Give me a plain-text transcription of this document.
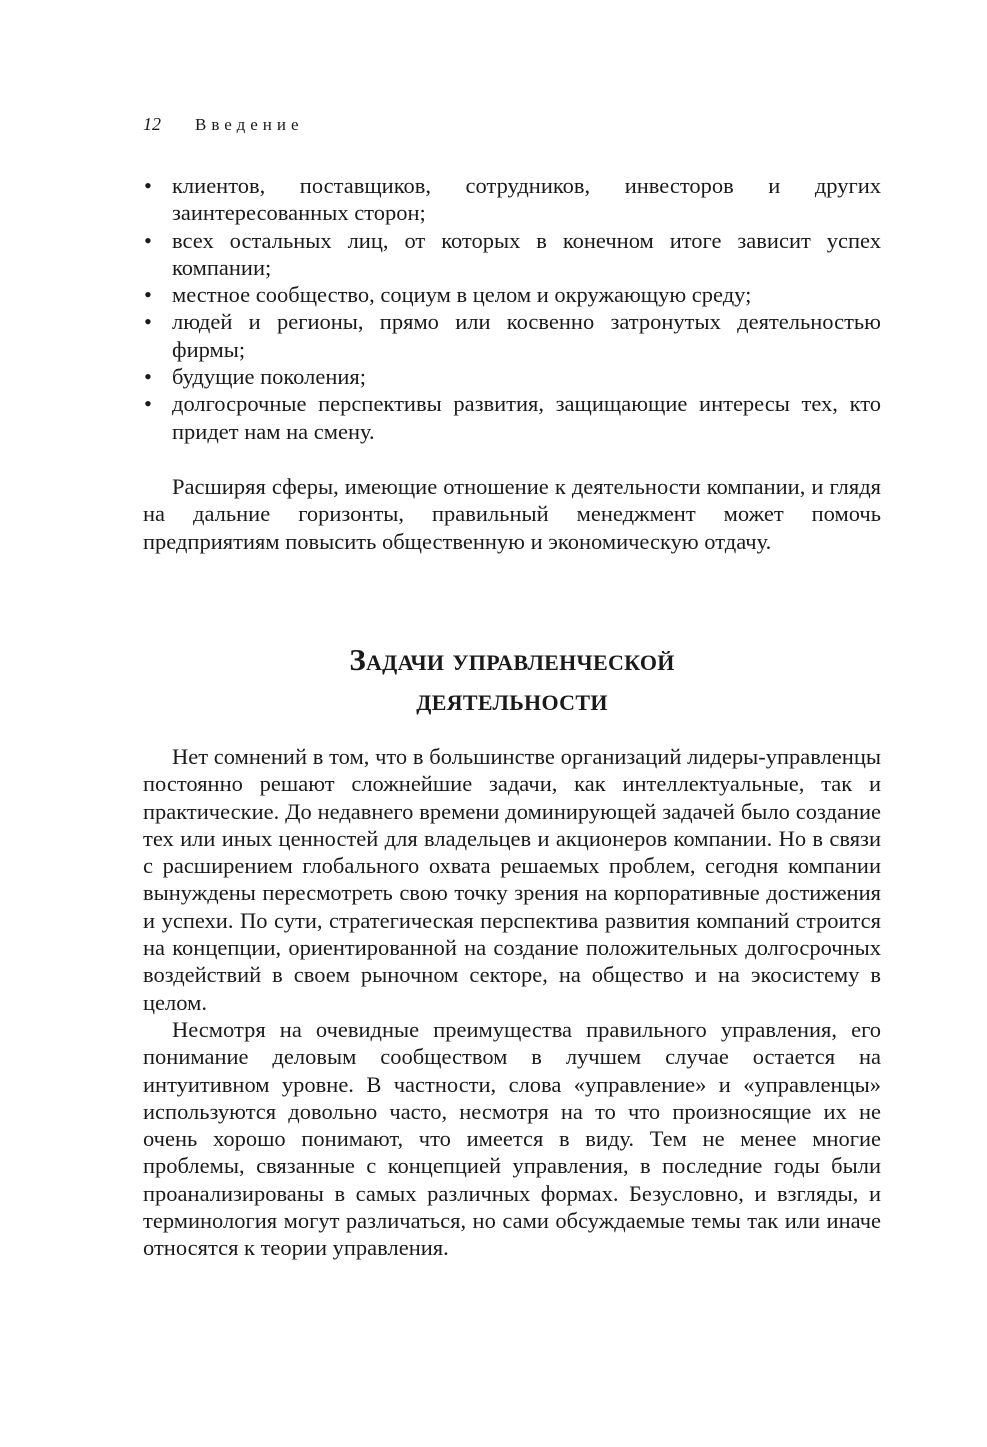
12 Введение
• клиентов, поставщиков, сотрудников, инвесторов и других заинтересованных сторон;
• всех остальных лиц, от которых в конечном итоге зависит успех компании;
• местное сообщество, социум в целом и окружающую среду;
• людей и регионы, прямо или косвенно затронутых деятельностью фирмы;
• будущие поколения;
• долгосрочные перспективы развития, защищающие интересы тех, кто придет нам на смену.

Расширяя сферы, имеющие отношение к деятельности компании, и глядя на дальние горизонты, правильный менеджмент может помочь предприятиям повысить общественную и экономическую отдачу.

Задачи управленческой
деятельности

Нет сомнений в том, что в большинстве организаций лидеры-управленцы постоянно решают сложнейшие задачи, как интеллектуальные, так и практические. До недавнего времени доминирующей задачей было создание тех или иных ценностей для владельцев и акционеров компании. Но в связи с расширением глобального охвата решаемых проблем, сегодня компании вынуждены пересмотреть свою точку зрения на корпоративные достижения и успехи. По сути, стратегическая перспектива развития компаний строится на концепции, ориентированной на создание положительных долгосрочных воздействий в своем рыночном секторе, на общество и на экосистему в целом.

Несмотря на очевидные преимущества правильного управления, его понимание деловым сообществом в лучшем случае остается на интуитивном уровне. В частности, слова «управление» и «управленцы» используются довольно часто, несмотря на то что произносящие их не очень хорошо понимают, что имеется в виду. Тем не менее многие проблемы, связанные с концепцией управления, в последние годы были проанализированы в самых различных формах. Безусловно, и взгляды, и терминология могут различаться, но сами обсуждаемые темы так или иначе относятся к теории управления.
